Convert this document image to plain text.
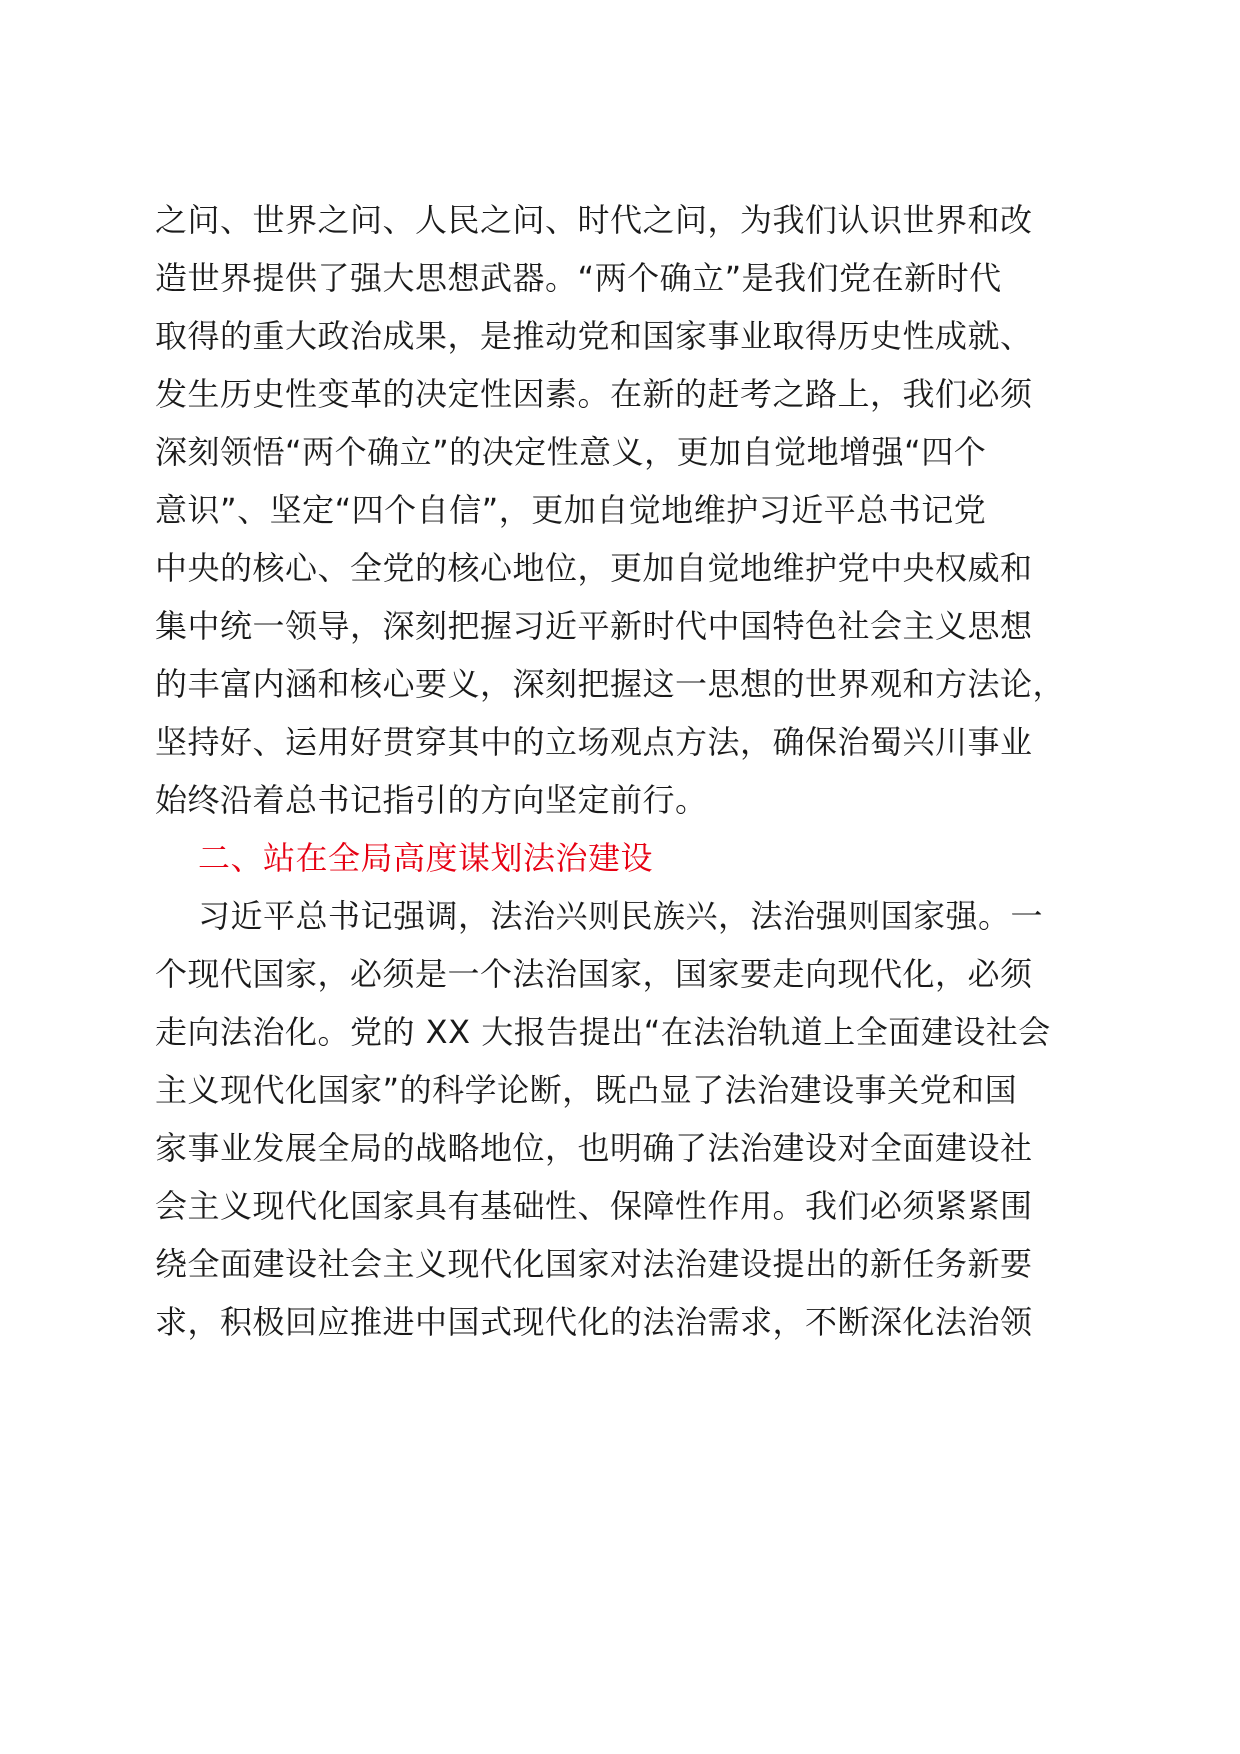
之问、世界之问、人民之问、时代之问，为我们认识世界和改
造世界提供了强大思想武器。“两个确立”是我们党在新时代
取得的重大政治成果，是推动党和国家事业取得历史性成就、
发生历史性变革的决定性因素。在新的赶考之路上，我们必须
深刻领悟“两个确立”的决定性意义，更加自觉地增强“四个
意识”、坚定“四个自信”，更加自觉地维护习近平总书记党
中央的核心、全党的核心地位，更加自觉地维护党中央权威和
集中统一领导，深刻把握习近平新时代中国特色社会主义思想
的丰富内涵和核心要义，深刻把握这一思想的世界观和方法论，
坚持好、运用好贯穿其中的立场观点方法，确保治蜀兴川事业
始终沿着总书记指引的方向坚定前行。
二、站在全局高度谋划法治建设
习近平总书记强调，法治兴则民族兴，法治强则国家强。一
个现代国家，必须是一个法治国家，国家要走向现代化，必须
走向法治化。党的 XX 大报告提出“在法治轨道上全面建设社会
主义现代化国家”的科学论断，既凸显了法治建设事关党和国
家事业发展全局的战略地位，也明确了法治建设对全面建设社
会主义现代化国家具有基础性、保障性作用。我们必须紧紧围
绕全面建设社会主义现代化国家对法治建设提出的新任务新要
求，积极回应推进中国式现代化的法治需求，不断深化法治领
